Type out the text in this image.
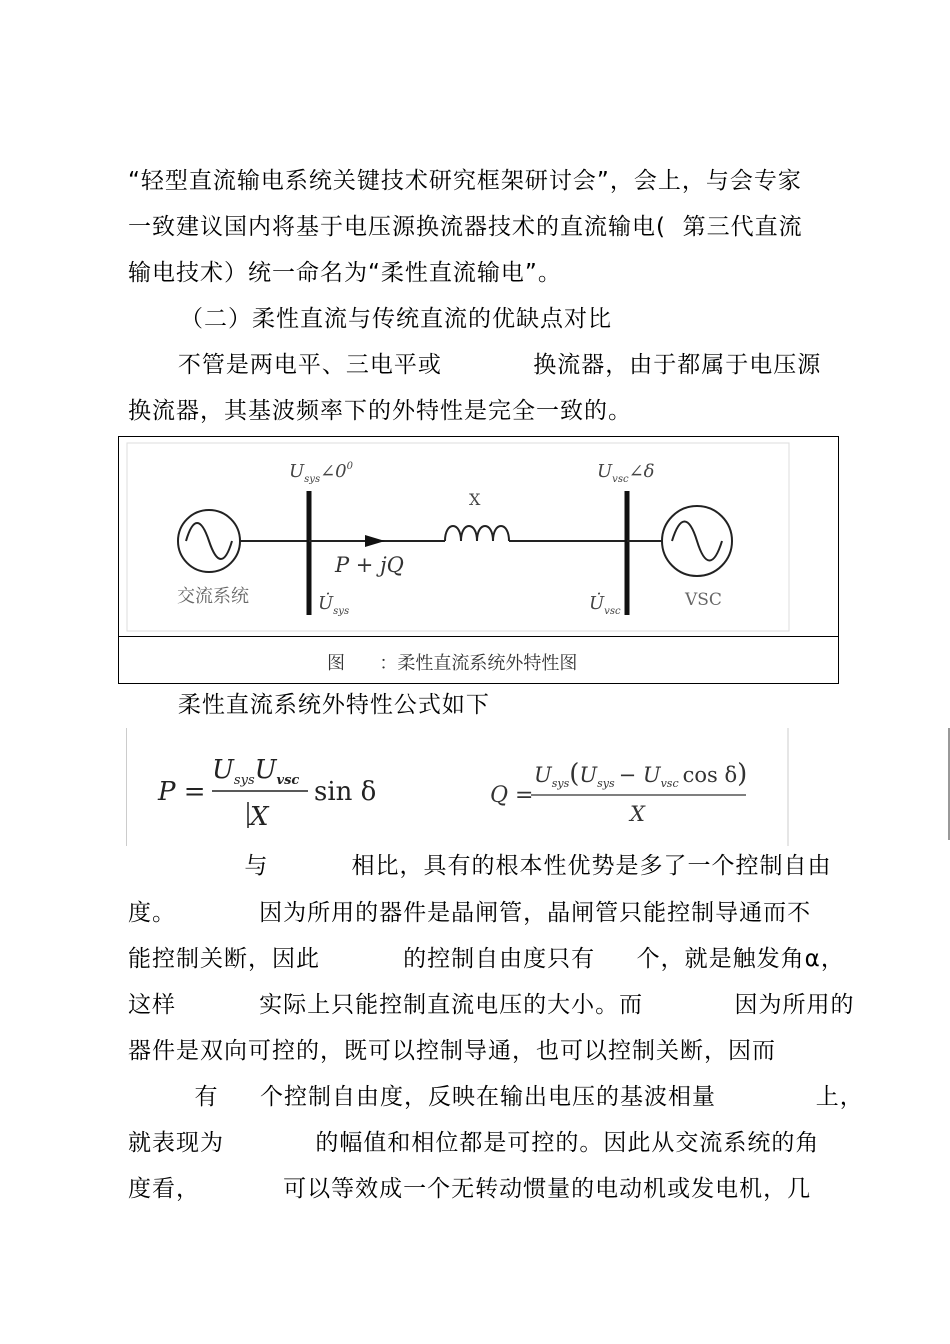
“轻型直流输电系统关键技术研究框架研讨会”，会上，与会专家
一致建议国内将基于电压源换流器技术的直流输电(  第三代直流
输电技术）统一命名为“柔性直流输电”。
（二）柔性直流与传统直流的优缺点对比
不管是两电平、三电平或           换流器，由于都属于电压源
换流器，其基波频率下的外特性是完全一致的。
$U_{sys}\angle 0^0$	$U_{vsc}\angle\delta$
X
P + jQ
交流系统	VSC
$U̇_{sys}$	$U̇_{vsc}$
图      ：柔性直流系统外特性图
柔性直流系统外特性公式如下
P =
$U_{sys}U_{vsc}$
X
sin δ	Q =
$U_{sys}(U_{sys} - U_{vsc}$ cos δ)
X
与          相比，具有的根本性优势是多了一个控制自由
度。          因为所用的器件是晶闸管，晶闸管只能控制导通而不
能控制关断，因此          的控制自由度只有     个，就是触发角α，
这样          实际上只能控制直流电压的大小。而           因为所用的
器件是双向可控的，既可以控制导通，也可以控制关断，因而
有     个控制自由度，反映在输出电压的基波相量            上，
就表现为           的幅值和相位都是可控的。因此从交流系统的角
度看，          可以等效成一个无转动惯量的电动机或发电机，几
